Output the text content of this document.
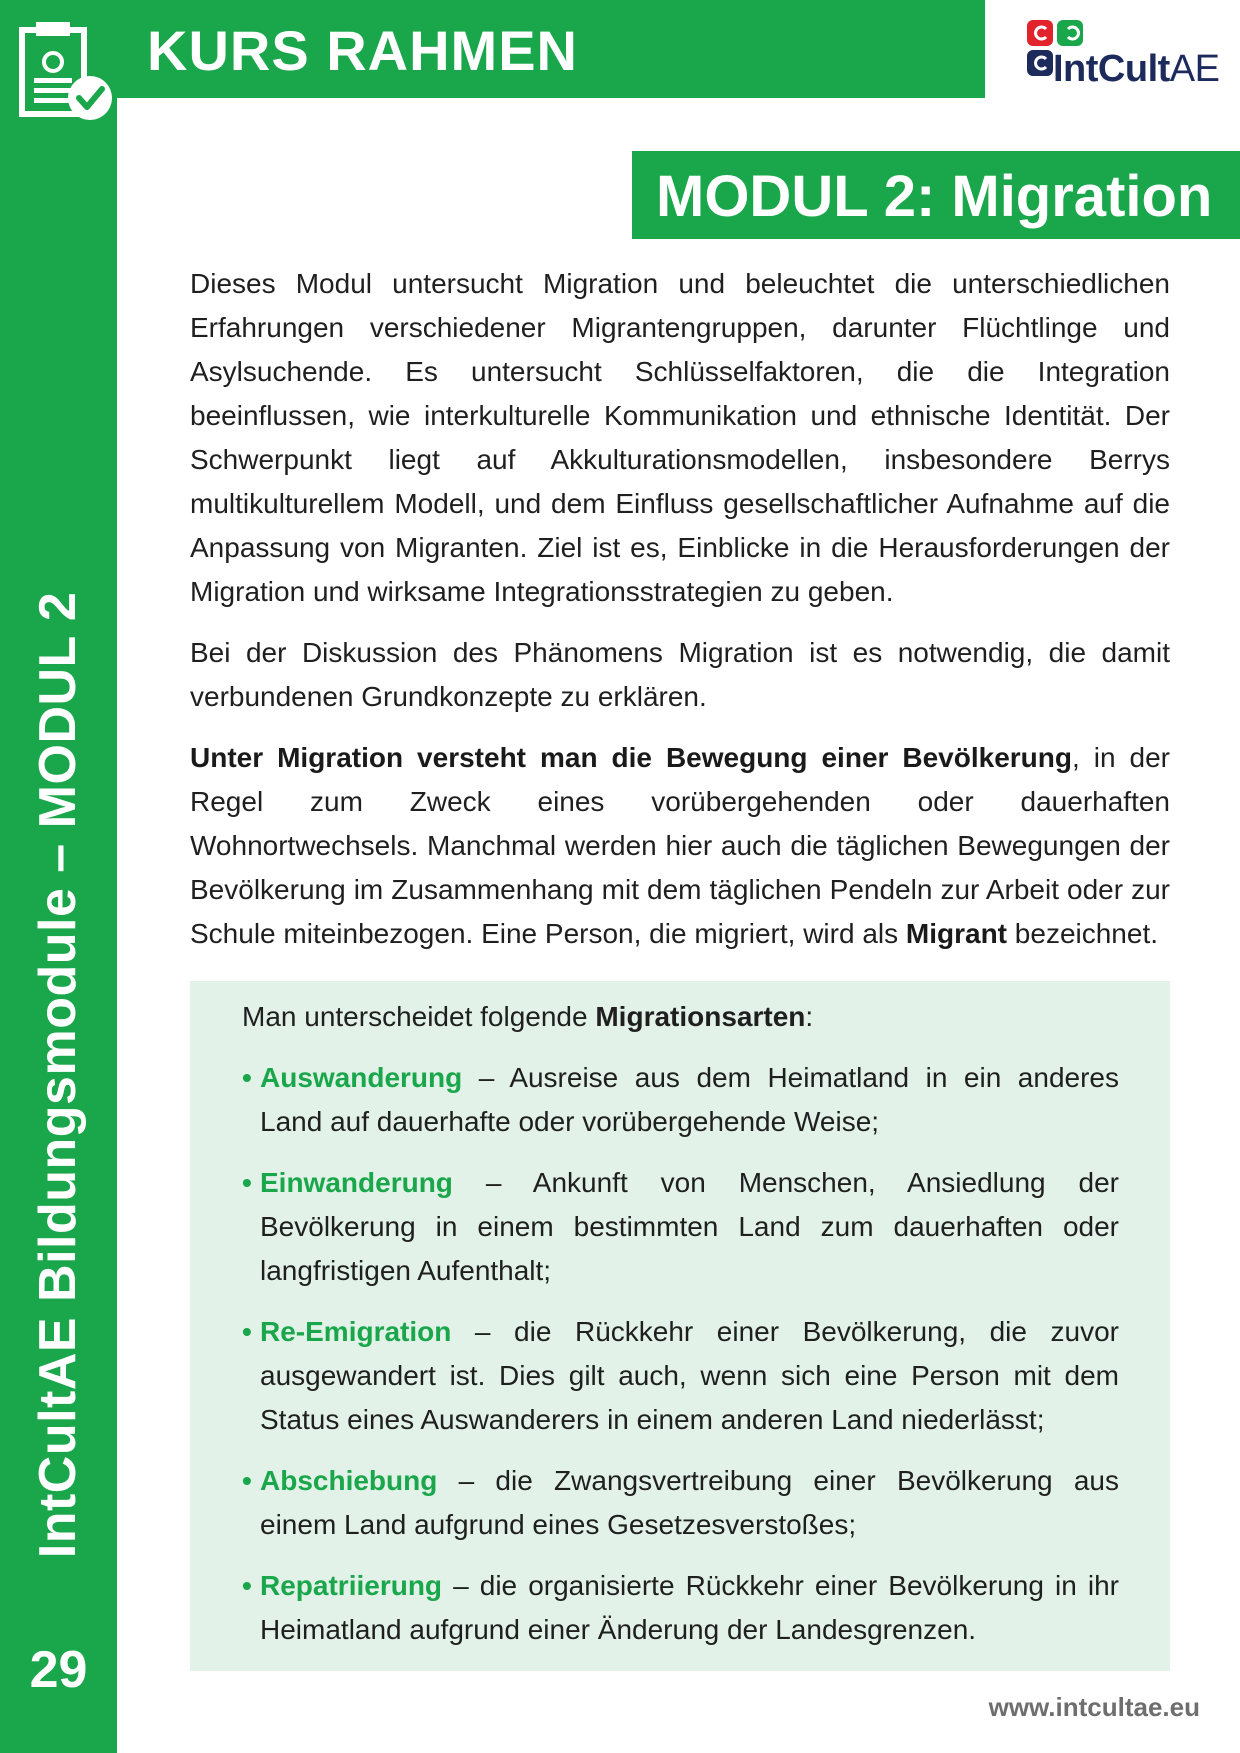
IntCultAE Bildungsmodule – MODUL 2
29
KURS RAHMEN	IntCultAE
MODUL 2: Migration

Dieses Modul untersucht Migration und beleuchtet die unterschiedlichen Erfahrungen verschiedener Migrantengruppen, darunter Flüchtlinge und Asylsuchende. Es untersucht Schlüsselfaktoren, die die Integration beeinflussen, wie interkulturelle Kommunikation und ethnische Identität. Der Schwerpunkt liegt auf Akkulturationsmodellen, insbesondere Berrys multikulturellem Modell, und dem Einfluss gesellschaftlicher Aufnahme auf die Anpassung von Migranten. Ziel ist es, Einblicke in die Herausforderungen der Migration und wirksame Integrationsstrategien zu geben.

Bei der Diskussion des Phänomens Migration ist es notwendig, die damit verbundenen Grundkonzepte zu erklären.

Unter Migration versteht man die Bewegung einer Bevölkerung, in der Regel zum Zweck eines vorübergehenden oder dauerhaften Wohnortwechsels. Manchmal werden hier auch die täglichen Bewegungen der Bevölkerung im Zusammenhang mit dem täglichen Pendeln zur Arbeit oder zur Schule miteinbezogen. Eine Person, die migriert, wird als Migrant bezeichnet.

Man unterscheidet folgende Migrationsarten:

• Auswanderung – Ausreise aus dem Heimatland in ein anderes Land auf dauerhafte oder vorübergehende Weise;
• Einwanderung – Ankunft von Menschen, Ansiedlung der Bevölkerung in einem bestimmten Land zum dauerhaften oder langfristigen Aufenthalt;
• Re-Emigration – die Rückkehr einer Bevölkerung, die zuvor ausgewandert ist. Dies gilt auch, wenn sich eine Person mit dem Status eines Auswanderers in einem anderen Land niederlässt;
• Abschiebung – die Zwangsvertreibung einer Bevölkerung aus einem Land aufgrund eines Gesetzesverstoßes;
• Repatriierung – die organisierte Rückkehr einer Bevölkerung in ihr Heimatland aufgrund einer Änderung der Landesgrenzen.
www.intcultae.eu
